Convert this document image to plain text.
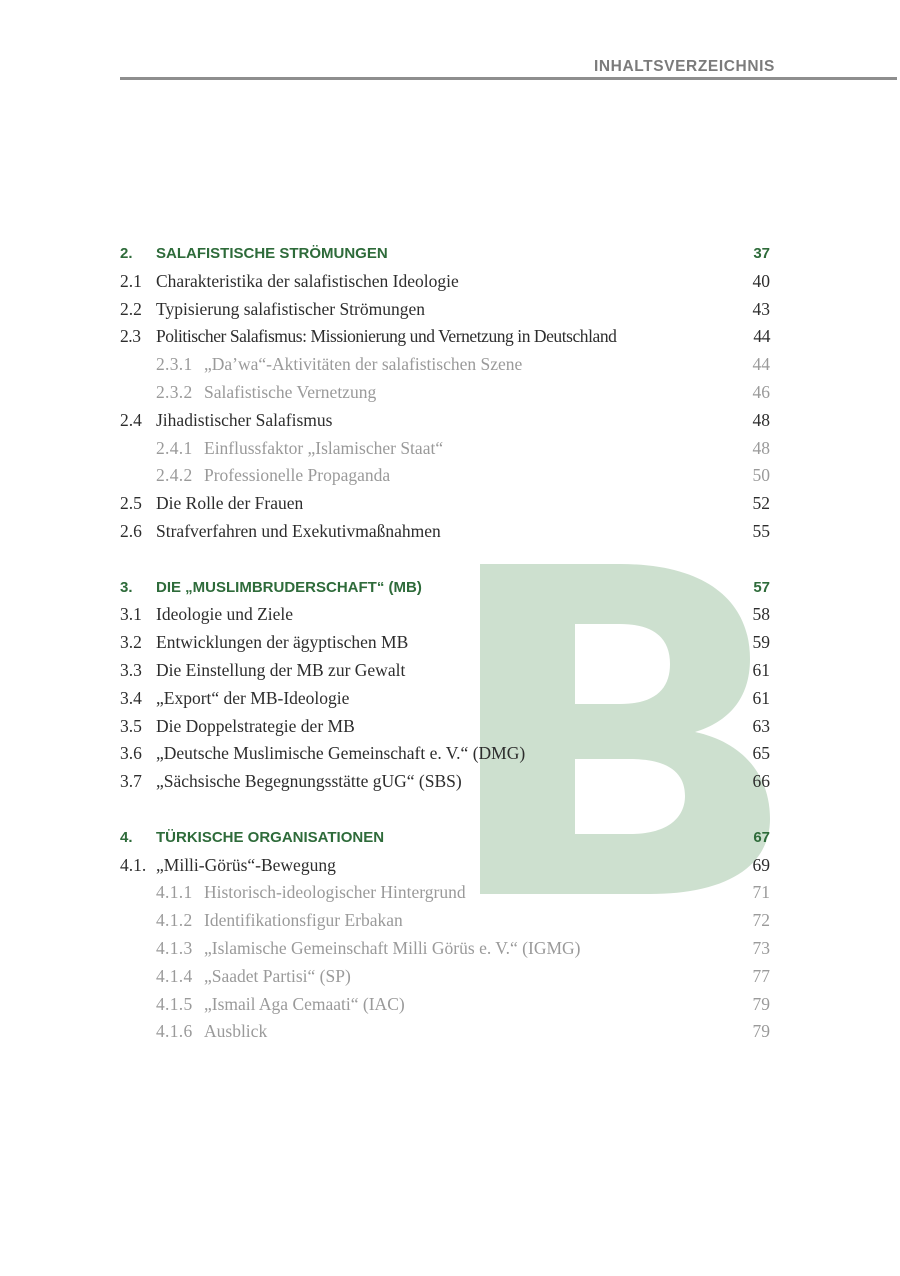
INHALTSVERZEICHNIS
2.	SALAFISTISCHE STRÖMUNGEN	37
2.1 Charakteristika der salafistischen Ideologie	40
2.2 Typisierung salafistischer Strömungen	43
2.3 Politischer Salafismus: Missionierung und Vernetzung in Deutschland	44
2.3.1 „Da’wa“-Aktivitäten der salafistischen Szene	44
2.3.2 Salafistische Vernetzung	46
2.4 Jihadistischer Salafismus	48
2.4.1 Einflussfaktor „Islamischer Staat“	48
2.4.2 Professionelle Propaganda	50
2.5 Die Rolle der Frauen	52
2.6 Strafverfahren und Exekutivmaßnahmen	55
3.	DIE „MUSLIMBRUDERSCHAFT“ (MB)	57
3.1 Ideologie und Ziele	58
3.2 Entwicklungen der ägyptischen MB	59
3.3 Die Einstellung der MB zur Gewalt	61
3.4 „Export“ der MB-Ideologie	61
3.5 Die Doppelstrategie der MB	63
3.6 „Deutsche Muslimische Gemeinschaft e. V.“ (DMG)	65
3.7 „Sächsische Begegnungsstätte gUG“ (SBS)	66
4.	TÜRKISCHE ORGANISATIONEN	67
4.1. „Milli-Görüs“-Bewegung	69
4.1.1 Historisch-ideologischer Hintergrund	71
4.1.2 Identifikationsfigur Erbakan	72
4.1.3 „Islamische Gemeinschaft Milli Görüs e. V.“ (IGMG)	73
4.1.4 „Saadet Partisi“ (SP)	77
4.1.5 „Ismail Aga Cemaati“ (IAC)	79
4.1.6 Ausblick	79
